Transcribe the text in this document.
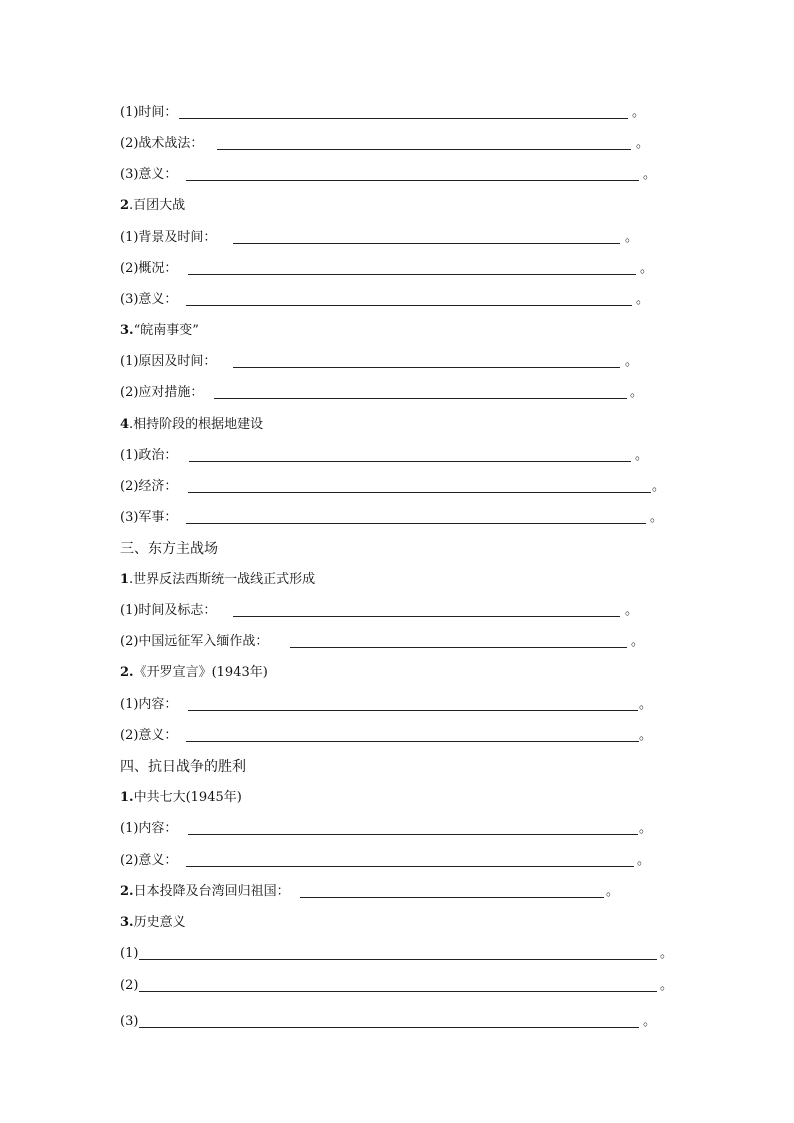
(1)时间：	。
(2)战术战法：	。
(3)意义：	。
2.百团大战
(1)背景及时间：	。
(2)概况：	。
(3)意义：	。
3.“皖南事变”
(1)原因及时间：	。
(2)应对措施：	。
4.相持阶段的根据地建设
(1)政治：	。
(2)经济：	。
(3)军事：	。
三、东方主战场
1.世界反法西斯统一战线正式形成
(1)时间及标志：	。
(2)中国远征军入缅作战：	。
2.《开罗宣言》(1943年)
(1)内容：	。
(2)意义：	。
四、抗日战争的胜利
1.中共七大(1945年)
(1)内容：	。
(2)意义：	。
2.日本投降及台湾回归祖国：	。
3.历史意义
(1)	。
(2)	。
(3)	。
